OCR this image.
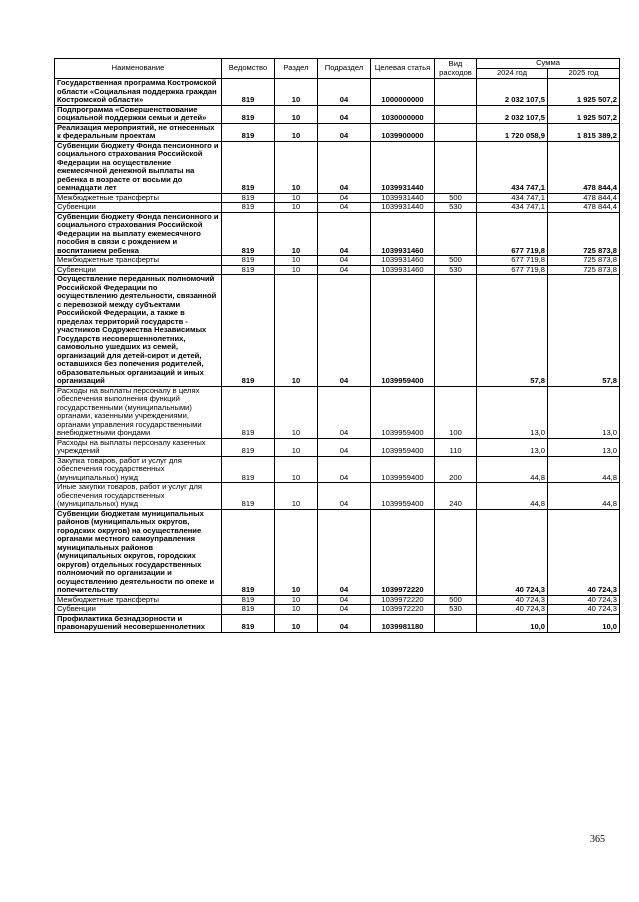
Наименование	Ведомство	Раздел	Подраздел	Целевая статья	Вид расходов	Сумма	
						2024 год	2025 год
Государственная программа Костромской области «Социальная поддержка граждан Костромской области»	819	10	04	1000000000		2 032 107,5	1 925 507,2
Подпрограмма «Совершенствование социальной поддержки семьи и детей»	819	10	04	1030000000		2 032 107,5	1 925 507,2
Реализация мероприятий, не отнесенных к федеральным проектам	819	10	04	1039900000		1 720 058,9	1 815 389,2
Субвенции бюджету Фонда пенсионного и социального страхования Российской Федерации на осуществление ежемесячной денежной выплаты на ребенка в возрасте от восьми до семнадцати лет	819	10	04	1039931440		434 747,1	478 844,4
Межбюджетные трансферты	819	10	04	1039931440	500	434 747,1	478 844,4
Субвенции	819	10	04	1039931440	530	434 747,1	478 844,4
Субвенции бюджету Фонда пенсионного и социального страхования Российской Федерации на выплату ежемесячного пособия в связи с рождением и воспитанием ребенка	819	10	04	1039931460		677 719,8	725 873,8
Межбюджетные трансферты	819	10	04	1039931460	500	677 719,8	725 873,8
Субвенции	819	10	04	1039931460	530	677 719,8	725 873,8
Осуществление переданных полномочий Российской Федерации по осуществлению деятельности, связанной с перевозкой между субъектами Российской Федерации, а также в пределах территорий государств - участников Содружества Независимых Государств несовершеннолетних, самовольно ушедших из семей, организаций для детей-сирот и детей, оставшихся без попечения родителей, образовательных организаций и иных организаций	819	10	04	1039959400		57,8	57,8
Расходы на выплаты персоналу в целях обеспечения выполнения функций государственными (муниципальными) органами, казенными учреждениями, органами управления государственными внебюджетными фондами	819	10	04	1039959400	100	13,0	13,0
Расходы на выплаты персоналу казенных учреждений	819	10	04	1039959400	110	13,0	13,0
Закупка товаров, работ и услуг для обеспечения государственных (муниципальных) нужд	819	10	04	1039959400	200	44,8	44,8
Иные закупки товаров, работ и услуг для обеспечения государственных (муниципальных) нужд	819	10	04	1039959400	240	44,8	44,8
Субвенции бюджетам муниципальных районов (муниципальных округов, городских округов) на осуществление органами местного самоуправления муниципальных районов (муниципальных округов, городских округов) отдельных государственных полномочий по организации и осуществлению деятельности по опеке и попечительству	819	10	04	1039972220		40 724,3	40 724,3
Межбюджетные трансферты	819	10	04	1039972220	500	40 724,3	40 724,3
Субвенции	819	10	04	1039972220	530	40 724,3	40 724,3
Профилактика безнадзорности и правонарушений несовершеннолетних	819	10	04	1039981180		10,0	10,0
365
